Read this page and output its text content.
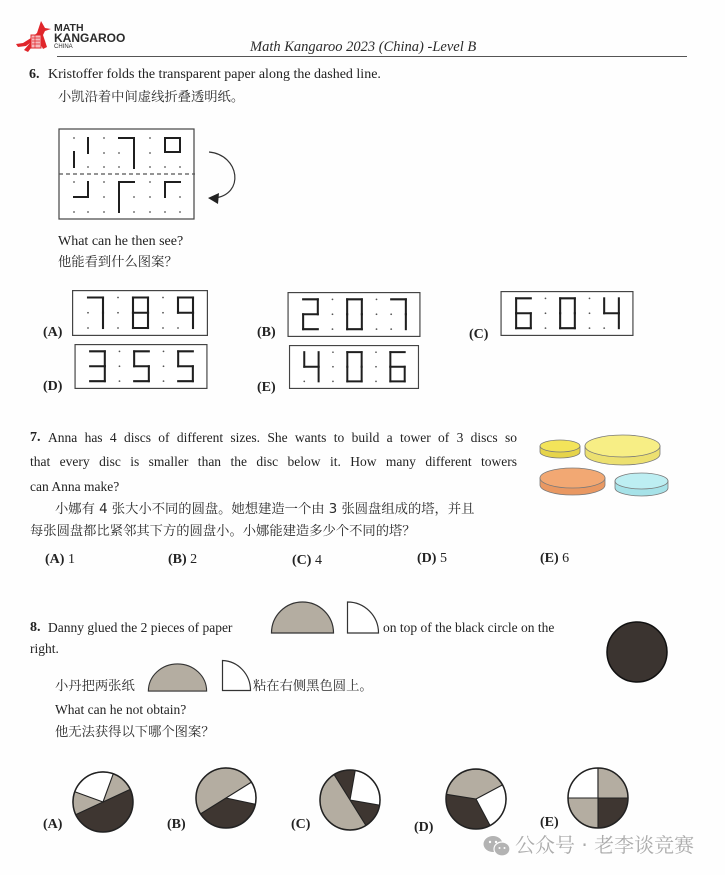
MATH
KANGAROO
CHINA	Math Kangaroo 2023 (China) -Level B
6. Kristoffer folds the transparent paper along the dashed line.
小凯沿着中间虚线折叠透明纸。
What can he then see?
他能看到什么图案？
(A)	(B)	(C)
(D)	(E)
7. Anna has 4 discs of different sizes. She wants to build a tower of 3 discs so
that every disc is smaller than the disc below it. How many different towers
can Anna make?
小娜有 4 张大小不同的圆盘。她想建造一个由 3 张圆盘组成的塔，并且
每张圆盘都比紧邻其下方的圆盘小。小娜能建造多少个不同的塔？
(A) 1	(B) 2	(C) 4	(D) 5	(E) 6
8. Danny glued the 2 pieces of paper	on top of the black circle on the
right.
小丹把两张纸	粘在右侧黑色圆上。
What can he not obtain?
他无法获得以下哪个图案？
(A)	(B)	(C)	(D)	(E)
公众号 · 老李谈竞赛
